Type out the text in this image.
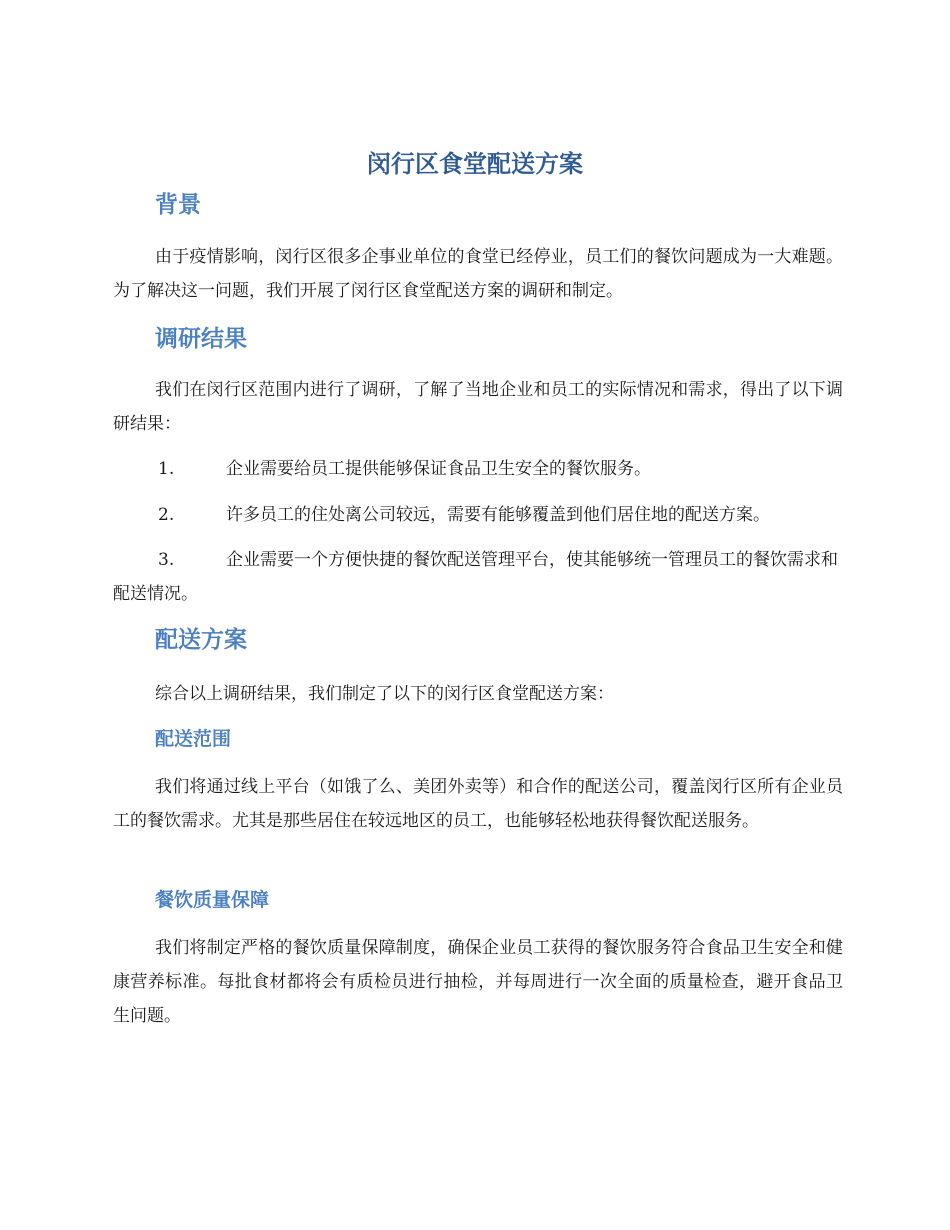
闵行区食堂配送方案
背景

由于疫情影响，闵行区很多企事业单位的食堂已经停业，员工们的餐饮问题成为一大难题。为了解决这一问题，我们开展了闵行区食堂配送方案的调研和制定。

调研结果

我们在闵行区范围内进行了调研，了解了当地企业和员工的实际情况和需求，得出了以下调研结果：

1.	企业需要给员工提供能够保证食品卫生安全的餐饮服务。

2.	许多员工的住处离公司较远，需要有能够覆盖到他们居住地的配送方案。

3.	企业需要一个方便快捷的餐饮配送管理平台，使其能够统一管理员工的餐饮需求和配送情况。

配送方案

综合以上调研结果，我们制定了以下的闵行区食堂配送方案：

配送范围

我们将通过线上平台（如饿了么、美团外卖等）和合作的配送公司，覆盖闵行区所有企业员工的餐饮需求。尤其是那些居住在较远地区的员工，也能够轻松地获得餐饮配送服务。

餐饮质量保障

我们将制定严格的餐饮质量保障制度，确保企业员工获得的餐饮服务符合食品卫生安全和健康营养标准。每批食材都将会有质检员进行抽检，并每周进行一次全面的质量检查，避开食品卫生问题。
